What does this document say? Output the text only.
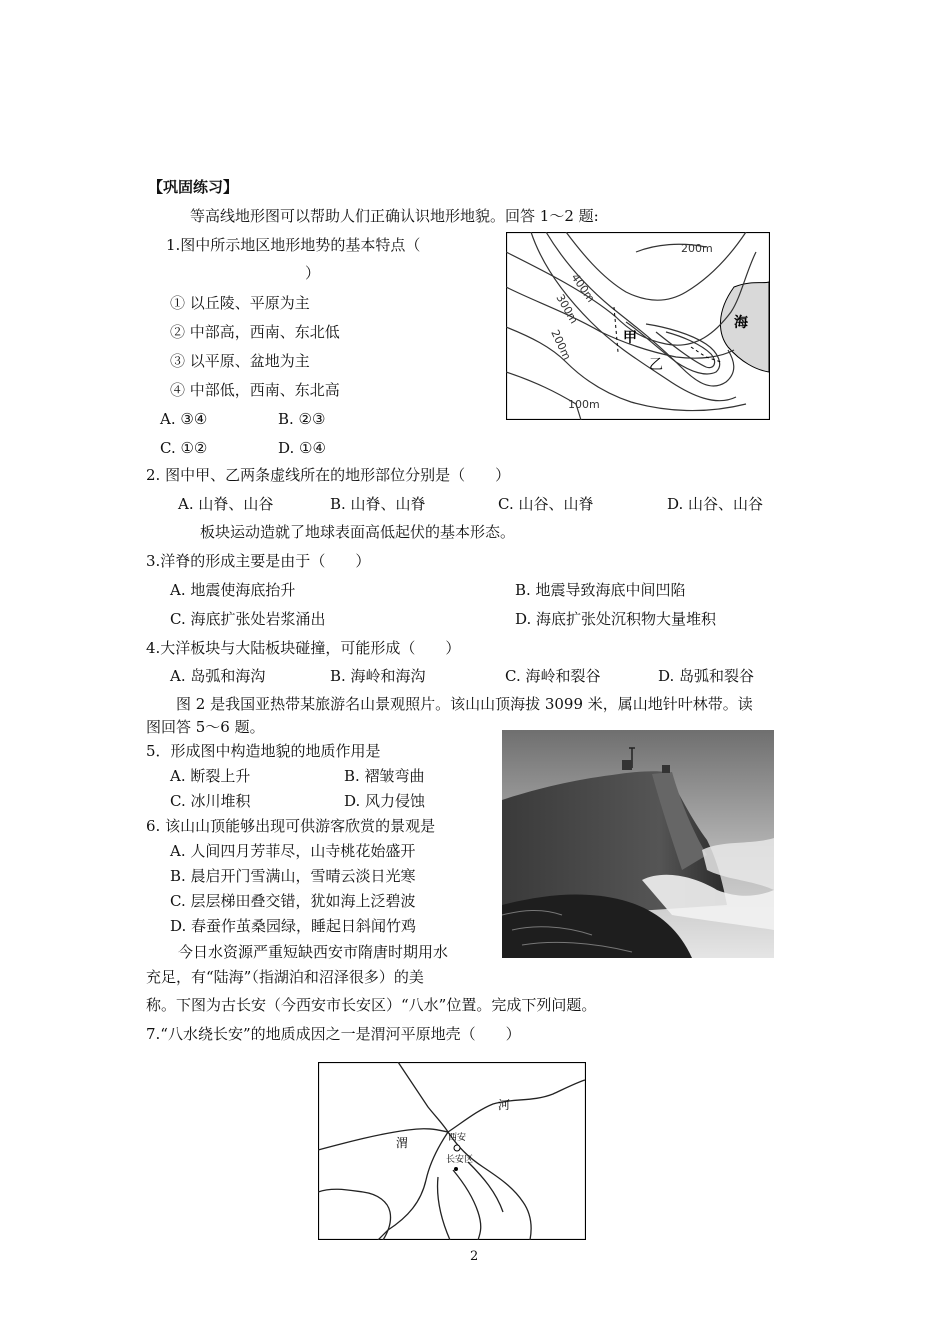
【巩固练习】
等高线地形图可以帮助人们正确认识地形地貌。回答 1～2 题:
1.图中所示地区地形地势的基本特点（
）
① 以丘陵、平原为主
② 中部高，西南、东北低
③ 以平原、盆地为主
④ 中部低，西南、东北高
A. ③④	B. ②③
C. ①②	D. ①④
200m
400m
300m
200m
100m
海
甲
乙
2. 图中甲、乙两条虚线所在的地形部位分别是（　　）
A. 山脊、山谷	B. 山脊、山脊	C. 山谷、山脊	D. 山谷、山谷
板块运动造就了地球表面高低起伏的基本形态。
3.洋脊的形成主要是由于（　　）
A. 地震使海底抬升	B. 地震导致海底中间凹陷
C. 海底扩张处岩浆涌出	D. 海底扩张处沉积物大量堆积
4.大洋板块与大陆板块碰撞，可能形成（　　）
A. 岛弧和海沟	B. 海岭和海沟	C. 海岭和裂谷	D. 岛弧和裂谷
图 2 是我国亚热带某旅游名山景观照片。该山山顶海拔 3099 米，属山地针叶林带。读
图回答 5～6 题。
5．形成图中构造地貌的地质作用是
A. 断裂上升	B. 褶皱弯曲
C. 冰川堆积	D. 风力侵蚀
6. 该山山顶能够出现可供游客欣赏的景观是
A. 人间四月芳菲尽，山寺桃花始盛开
B. 晨启开门雪满山，雪晴云淡日光寒
C. 层层梯田叠交错，犹如海上泛碧波
D. 春蚕作茧桑园绿，睡起日斜闻竹鸡
今日水资源严重短缺西安市隋唐时期用水
充足，有“陆海”（指湖泊和沼泽很多）的美
称。下图为古长安（今西安市长安区）“八水”位置。完成下列问题。
7.“八水绕长安”的地质成因之一是渭河平原地壳（　　）
渭
河
西安
长安区
2
